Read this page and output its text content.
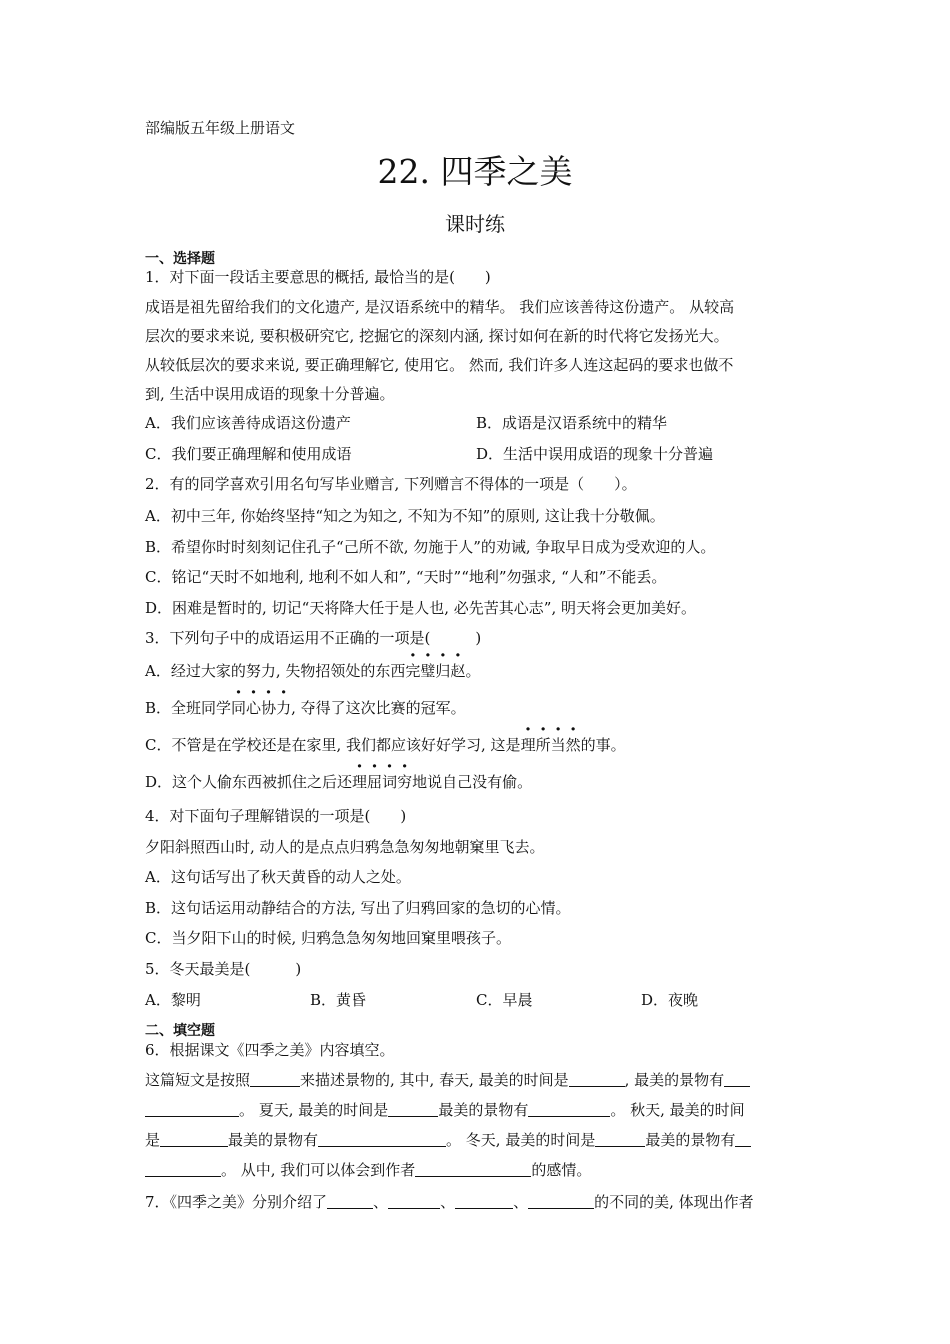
部编版五年级上册语文
22. 四季之美
课时练
一、选择题
1．对下面一段话主要意思的概括, 最恰当的是(　　)
成语是祖先留给我们的文化遗产, 是汉语系统中的精华。 我们应该善待这份遗产。 从较高
层次的要求来说, 要积极研究它, 挖掘它的深刻内涵, 探讨如何在新的时代将它发扬光大。
从较低层次的要求来说, 要正确理解它, 使用它。 然而, 我们许多人连这起码的要求也做不
到, 生活中误用成语的现象十分普遍。
A．我们应该善待成语这份遗产	B．成语是汉语系统中的精华
C．我们要正确理解和使用成语	D．生活中误用成语的现象十分普遍
2．有的同学喜欢引用名句写毕业赠言, 下列赠言不得体的一项是（　　）。
A．初中三年, 你始终坚持“知之为知之, 不知为不知”的原则, 这让我十分敬佩。
B．希望你时时刻刻记住孔子“己所不欲, 勿施于人”的劝诫, 争取早日成为受欢迎的人。
C．铭记“天时不如地利, 地利不如人和”, “天时”“地利”勿强求, “人和”不能丢。
D．困难是暂时的, 切记“天将降大任于是人也, 必先苦其心志”, 明天将会更加美好。
3．下列句子中的成语运用不正确的一项是(　　　)
A．经过大家的努力, 失物招领处的东西完璧归赵。
B．全班同学同心协力, 夺得了这次比赛的冠军。
C．不管是在学校还是在家里, 我们都应该好好学习, 这是理所当然的事。
D．这个人偷东西被抓住之后还理屈词穷地说自己没有偷。
4．对下面句子理解错误的一项是(　　)
夕阳斜照西山时, 动人的是点点归鸦急急匆匆地朝窠里飞去。
A．这句话写出了秋天黄昏的动人之处。
B．这句话运用动静结合的方法, 写出了归鸦回家的急切的心情。
C．当夕阳下山的时候, 归鸦急急匆匆地回窠里喂孩子。
5．冬天最美是(　　　)
A．黎明	B．黄昏	C．早晨	D．夜晚
二、填空题
6．根据课文《四季之美》内容填空。
这篇短文是按照	来描述景物的, 其中, 春天, 最美的时间是	, 最美的景物有
。 夏天, 最美的时间是	最美的景物有	。 秋天, 最美的时间
是	最美的景物有	。 冬天, 最美的时间是	最美的景物有
。 从中, 我们可以体会到作者	的感情。
7．《四季之美》分别介绍了	、	、	、	的不同的美, 体现出作者
